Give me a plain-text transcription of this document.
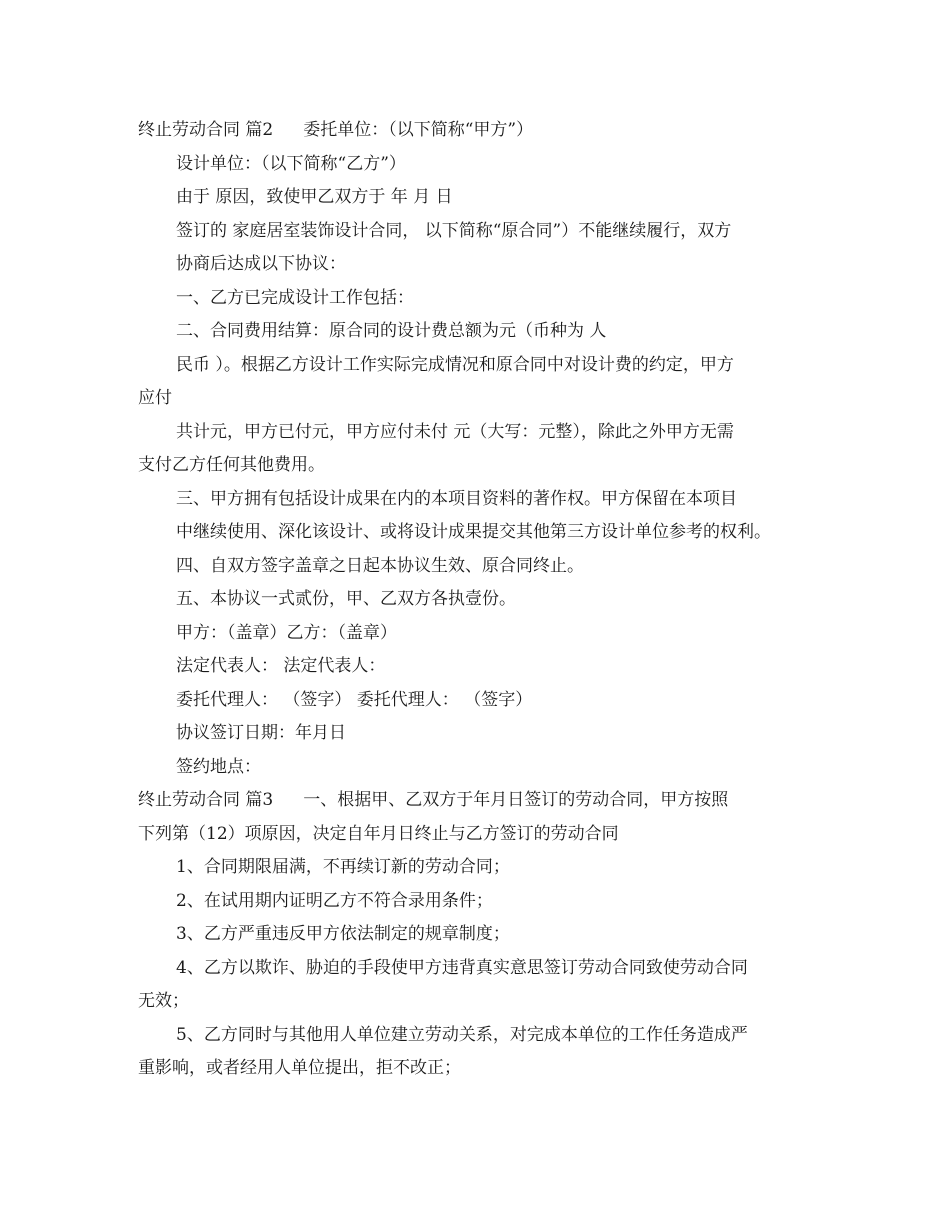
终止劳动合同 篇2 委托单位：（以下简称“甲方”）
设计单位：（以下简称“乙方”）
由于 原因，致使甲乙双方于 年 月 日
签订的 家庭居室装饰设计合同， 以下简称“原合同”）不能继续履行，双方
协商后达成以下协议：
一、乙方已完成设计工作包括：
二、合同费用结算：原合同的设计费总额为元（币种为 人
民币 ）。根据乙方设计工作实际完成情况和原合同中对设计费的约定，甲方
应付
共计元，甲方已付元，甲方应付未付 元（大写：元整），除此之外甲方无需
支付乙方任何其他费用。
三、甲方拥有包括设计成果在内的本项目资料的著作权。甲方保留在本项目
中继续使用、深化该设计、或将设计成果提交其他第三方设计单位参考的权利。
四、自双方签字盖章之日起本协议生效、原合同终止。
五、本协议一式贰份，甲、乙双方各执壹份。
甲方：（盖章）乙方：（盖章）
法定代表人： 法定代表人：
委托代理人： （签字） 委托代理人： （签字）
协议签订日期：年月日
签约地点：
终止劳动合同 篇3 一、根据甲、乙双方于年月日签订的劳动合同，甲方按照
下列第（12）项原因，决定自年月日终止与乙方签订的劳动合同
1、合同期限届满，不再续订新的劳动合同；
2、在试用期内证明乙方不符合录用条件；
3、乙方严重违反甲方依法制定的规章制度；
4、乙方以欺诈、胁迫的手段使甲方违背真实意思签订劳动合同致使劳动合同
无效；
5、乙方同时与其他用人单位建立劳动关系，对完成本单位的工作任务造成严
重影响，或者经用人单位提出，拒不改正；
